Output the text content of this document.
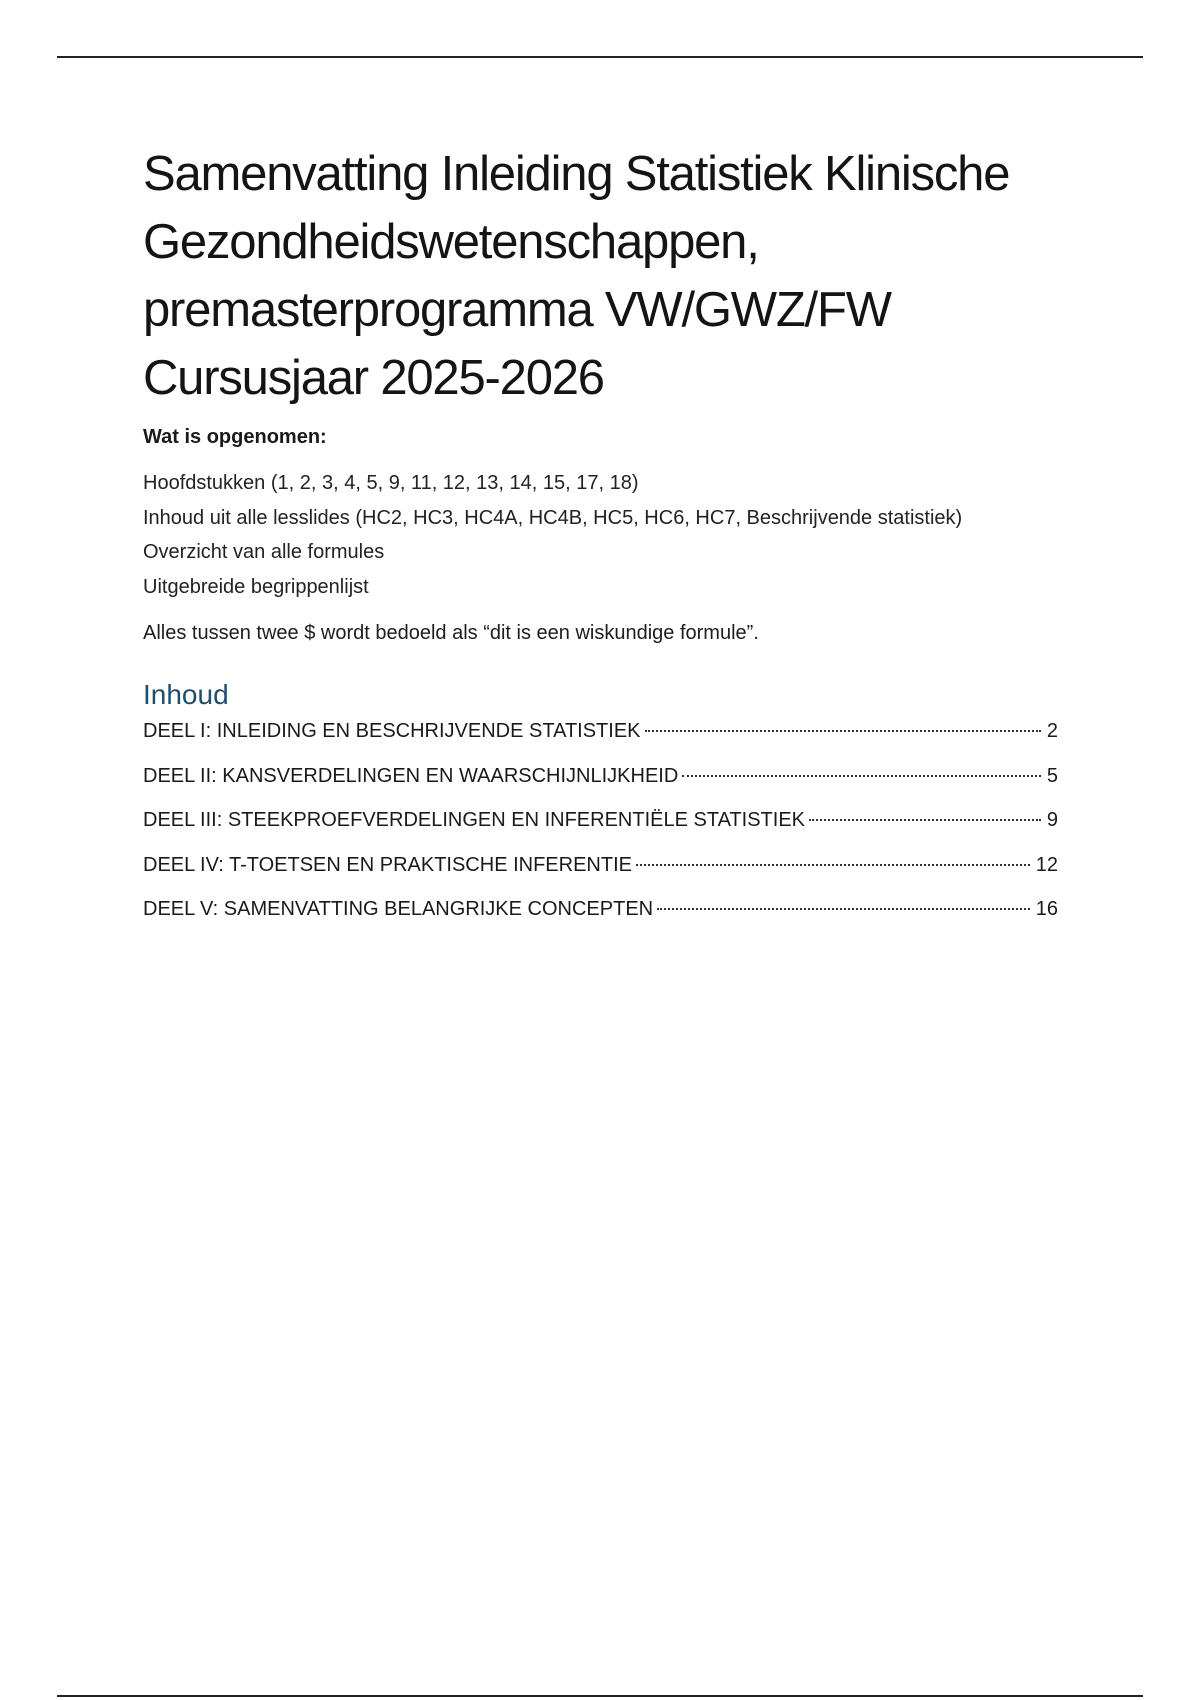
Samenvatting Inleiding Statistiek Klinische Gezondheidswetenschappen, premasterprogramma VW/GWZ/FW Cursusjaar 2025-2026

Wat is opgenomen:

Hoofdstukken (1, 2, 3, 4, 5, 9, 11, 12, 13, 14, 15, 17, 18)
Inhoud uit alle lesslides (HC2, HC3, HC4A, HC4B, HC5, HC6, HC7, Beschrijvende statistiek)
Overzicht van alle formules
Uitgebreide begrippenlijst

Alles tussen twee $ wordt bedoeld als “dit is een wiskundige formule”.

Inhoud
DEEL I: INLEIDING EN BESCHRIJVENDE STATISTIEK	2
DEEL II: KANSVERDELINGEN EN WAARSCHIJNLIJKHEID	5
DEEL III: STEEKPROEFVERDELINGEN EN INFERENTIËLE STATISTIEK	9
DEEL IV: T-TOETSEN EN PRAKTISCHE INFERENTIE	12
DEEL V: SAMENVATTING BELANGRIJKE CONCEPTEN	16
